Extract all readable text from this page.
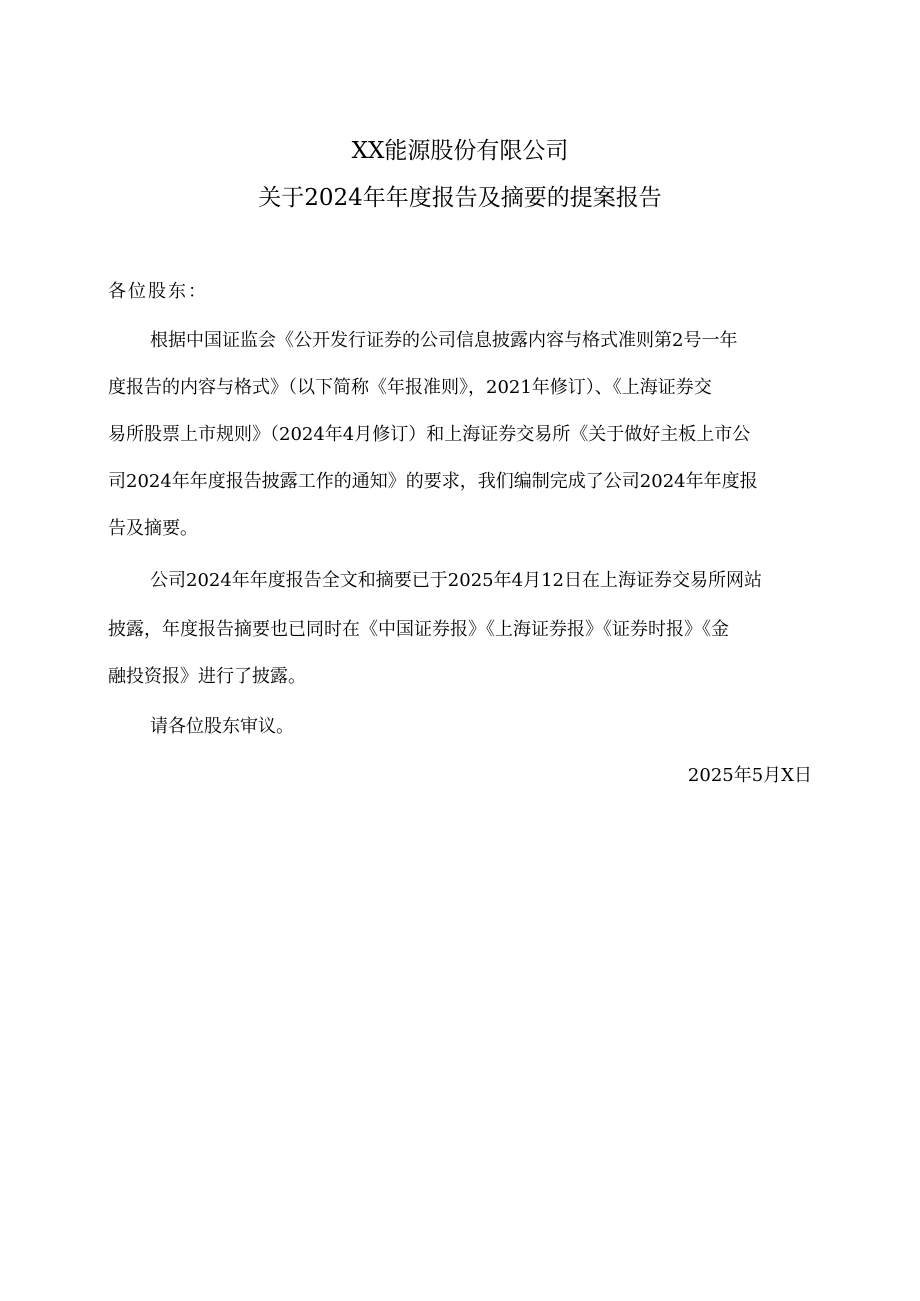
XX能源股份有限公司
关于2024年年度报告及摘要的提案报告
各位股东：
根据中国证监会《公开发行证券的公司信息披露内容与格式准则第2号一年
度报告的内容与格式》（以下简称《年报准则》，2021年修订）、《上海证券交
易所股票上市规则》（2024年4月修订）和上海证券交易所《关于做好主板上市公
司2024年年度报告披露工作的通知》的要求，我们编制完成了公司2024年年度报
告及摘要。
公司2024年年度报告全文和摘要已于2025年4月12日在上海证券交易所网站
披露，年度报告摘要也已同时在《中国证券报》《上海证券报》《证券时报》《金
融投资报》进行了披露。
请各位股东审议。
2025年5月X日
